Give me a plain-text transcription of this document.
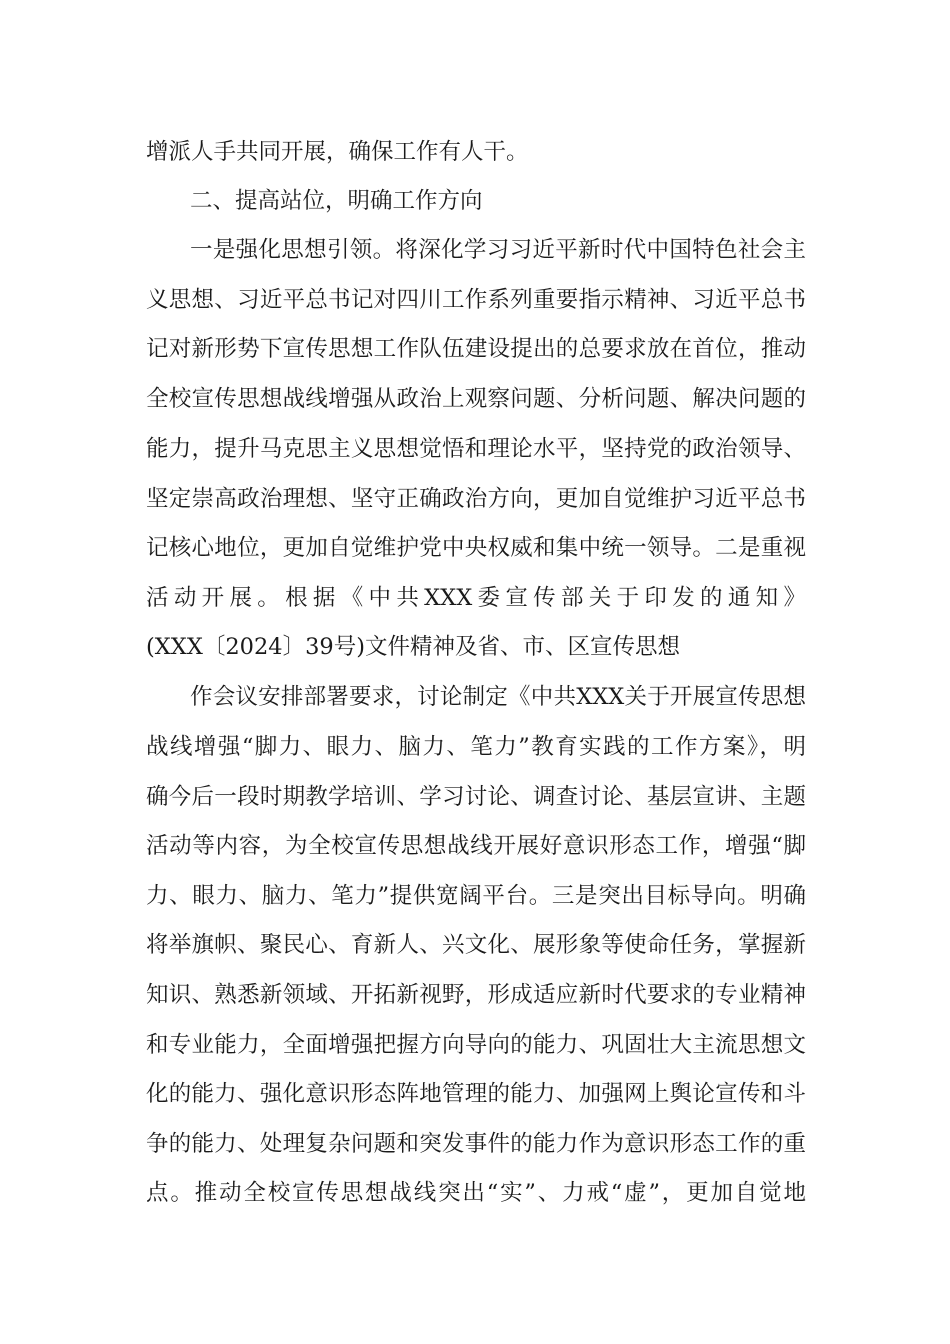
增派人手共同开展，确保工作有人干。
二、提高站位，明确工作方向
一是强化思想引领。将深化学习习近平新时代中国特色社会主
义思想、习近平总书记对四川工作系列重要指示精神、习近平总书
记对新形势下宣传思想工作队伍建设提出的总要求放在首位，推动
全校宣传思想战线增强从政治上观察问题、分析问题、解决问题的
能力，提升马克思主义思想觉悟和理论水平，坚持党的政治领导、
坚定崇高政治理想、坚守正确政治方向，更加自觉维护习近平总书
记核心地位，更加自觉维护党中央权威和集中统一领导。二是重视
活动开展。根据《中共XXX委宣传部关于印发的通知》
(XXX〔2024〕39号)文件精神及省、市、区宣传思想
作会议安排部署要求，讨论制定《中共XXX关于开展宣传思想
战线增强“脚力、眼力、脑力、笔力”教育实践的工作方案》，明
确今后一段时期教学培训、学习讨论、调查讨论、基层宣讲、主题
活动等内容，为全校宣传思想战线开展好意识形态工作，增强“脚
力、眼力、脑力、笔力”提供宽阔平台。三是突出目标导向。明确
将举旗帜、聚民心、育新人、兴文化、展形象等使命任务，掌握新
知识、熟悉新领域、开拓新视野，形成适应新时代要求的专业精神
和专业能力，全面增强把握方向导向的能力、巩固壮大主流思想文
化的能力、强化意识形态阵地管理的能力、加强网上舆论宣传和斗
争的能力、处理复杂问题和突发事件的能力作为意识形态工作的重
点。推动全校宣传思想战线突出“实”、力戒“虚”，更加自觉地
